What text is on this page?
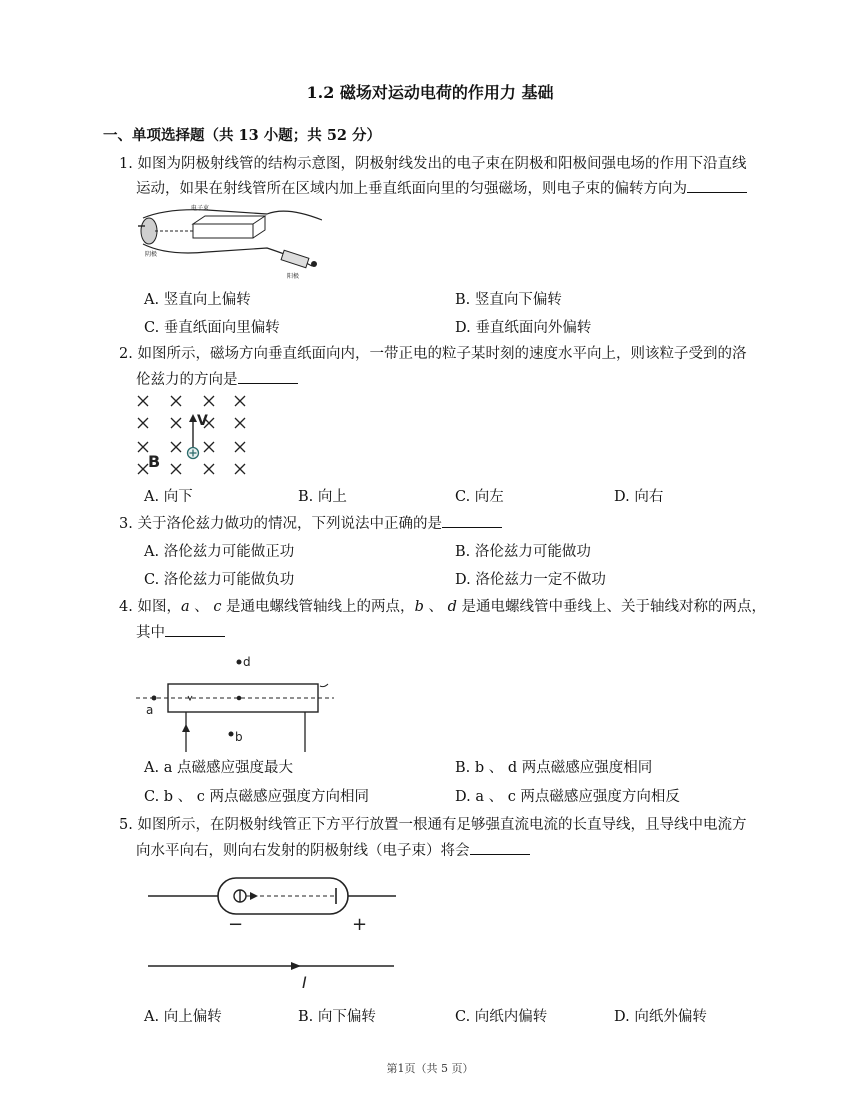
1.2 磁场对运动电荷的作用力 基础
一、单项选择题（共 13 小题；共 52 分）
1. 如图为阴极射线管的结构示意图，阴极射线发出的电子束在阴极和阳极间强电场的作用下沿直线
运动，如果在射线管所在区域内加上垂直纸面向里的匀强磁场，则电子束的偏转方向为
电子束
阴极
阳极
A. 竖直向上偏转	B. 竖直向下偏转
C. 垂直纸面向里偏转	D. 垂直纸面向外偏转
2. 如图所示，磁场方向垂直纸面向内，一带正电的粒子某时刻的速度水平向上，则该粒子受到的洛
伦兹力的方向是
V
B
A. 向下	B. 向上	C. 向左	D. 向右
3. 关于洛伦兹力做功的情况，下列说法中正确的是
A. 洛伦兹力可能做正功	B. 洛伦兹力可能做功
C. 洛伦兹力可能做负功	D. 洛伦兹力一定不做功
4. 如图，a 、 c 是通电螺线管轴线上的两点，b 、 d 是通电螺线管中垂线上、关于轴线对称的两点，
其中
d
a
b
A. a 点磁感应强度最大	B. b 、 d 两点磁感应强度相同
C. b 、 c 两点磁感应强度方向相同	D. a 、 c 两点磁感应强度方向相反
5. 如图所示，在阴极射线管正下方平行放置一根通有足够强直流电流的长直导线，且导线中电流方
向水平向右，则向右发射的阴极射线（电子束）将会
−	+
I
A. 向上偏转	B. 向下偏转	C. 向纸内偏转	D. 向纸外偏转
第1页（共 5 页）
